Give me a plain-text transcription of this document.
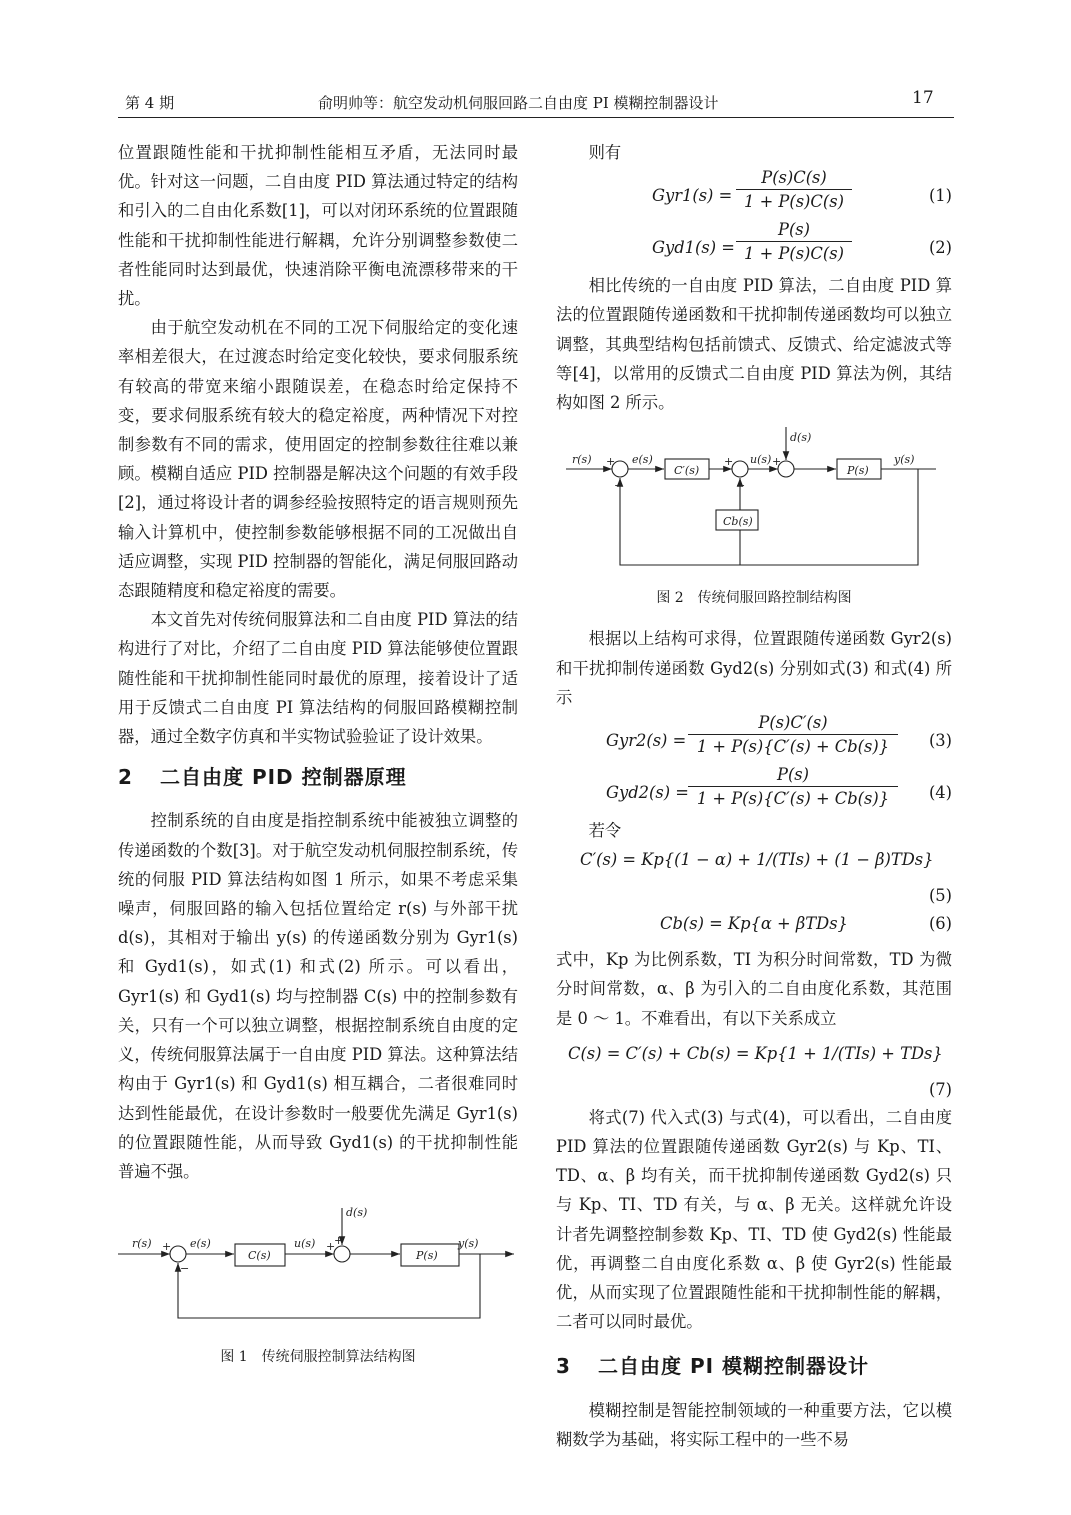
第 4 期	俞明帅等：航空发动机伺服回路二自由度 PI 模糊控制器设计	17

位置跟随性能和干扰抑制性能相互矛盾，无法同时最优。针对这一问题，二自由度 PID 算法通过特定的结构和引入的二自由化系数[1]，可以对闭环系统的位置跟随性能和干扰抑制性能进行解耦，允许分别调整参数使二者性能同时达到最优，快速消除平衡电流漂移带来的干扰。

由于航空发动机在不同的工况下伺服给定的变化速率相差很大，在过渡态时给定变化较快，要求伺服系统有较高的带宽来缩小跟随误差，在稳态时给定保持不变，要求伺服系统有较大的稳定裕度，两种情况下对控制参数有不同的需求，使用固定的控制参数往往难以兼顾。模糊自适应 PID 控制器是解决这个问题的有效手段[2]，通过将设计者的调参经验按照特定的语言规则预先输入计算机中，使控制参数能够根据不同的工况做出自适应调整，实现 PID 控制器的智能化，满足伺服回路动态跟随精度和稳定裕度的需要。

本文首先对传统伺服算法和二自由度 PID 算法的结构进行了对比，介绍了二自由度 PID 算法能够使位置跟随性能和干扰抑制性能同时最优的原理，接着设计了适用于反馈式二自由度 PI 算法结构的伺服回路模糊控制器，通过全数字仿真和半实物试验验证了设计效果。

2 二自由度 PID 控制器原理

控制系统的自由度是指控制系统中能被独立调整的传递函数的个数[3]。对于航空发动机伺服控制系统，传统的伺服 PID 算法结构如图 1 所示，如果不考虑采集噪声，伺服回路的输入包括位置给定 r(s) 与外部干扰 d(s)，其相对于输出 y(s) 的传递函数分别为 Gyr1(s) 和 Gyd1(s)，如式(1) 和式(2) 所示。可以看出，Gyr1(s) 和 Gyd1(s) 均与控制器 C(s) 中的控制参数有关，只有一个可以独立调整，根据控制系统自由度的定义，传统伺服算法属于一自由度 PID 算法。这种算法结构由于 Gyr1(s) 和 Gyd1(s) 相互耦合，二者很难同时达到性能最优，在设计参数时一般要优先满足 Gyr1(s) 的位置跟随性能，从而导致 Gyd1(s) 的干扰抑制性能普遍不强。

d(s)
r(s)	e(s)
C(s)
u(s)
P(s)
y(s)
+
−
+
+
图 1　传统伺服控制算法结构图

则有

$Gyr1(s) = \frac{P(s)C(s)}{1 + P(s)C(s)}$	(1)
$Gyd1(s) = \frac{P(s)}{1 + P(s)C(s)}$	(2)

相比传统的一自由度 PID 算法，二自由度 PID 算法的位置跟随传递函数和干扰抑制传递函数均可以独立调整，其典型结构包括前馈式、反馈式、给定滤波式等等[4]，以常用的反馈式二自由度 PID 算法为例，其结构如图 2 所示。

d(s)
r(s)	e(s)
C′(s)
u(s)
P(s)
y(s)
Cb(s)
+
−
+
−
+
图 2　传统伺服回路控制结构图

根据以上结构可求得，位置跟随传递函数 Gyr2(s) 和干扰抑制传递函数 Gyd2(s) 分别如式(3) 和式(4) 所示

$Gyr2(s) = \frac{P(s)C'(s)}{1 + P(s)\{C'(s) + Cb(s)\}} (3)$
$Gyd2(s) = \frac{P(s)}{1 + P(s)\{C'(s) + Cb(s)\}} (4)$

若令

C′(s) = Kp{(1 − α) + 1/(TIs) + (1 − β)TDs}
(5)
Cb(s) = Kp{α + βTDs}	(6)

式中，Kp 为比例系数，TI 为积分时间常数，TD 为微分时间常数，α、β 为引入的二自由度化系数，其范围是 0 ～ 1。不难看出，有以下关系成立

C(s) = C′(s) + Cb(s) = Kp{1 + 1/(TIs) + TDs}
(7)

将式(7) 代入式(3) 与式(4)，可以看出，二自由度 PID 算法的位置跟随传递函数 Gyr2(s) 与 Kp、TI、TD、α、β 均有关，而干扰抑制传递函数 Gyd2(s) 只与 Kp、TI、TD 有关，与 α、β 无关。这样就允许设计者先调整控制参数 Kp、TI、TD 使 Gyd2(s) 性能最优，再调整二自由度化系数 α、β 使 Gyr2(s) 性能最优，从而实现了位置跟随性能和干扰抑制性能的解耦，二者可以同时最优。

3 二自由度 PI 模糊控制器设计

模糊控制是智能控制领域的一种重要方法，它以模糊数学为基础，将实际工程中的一些不易
